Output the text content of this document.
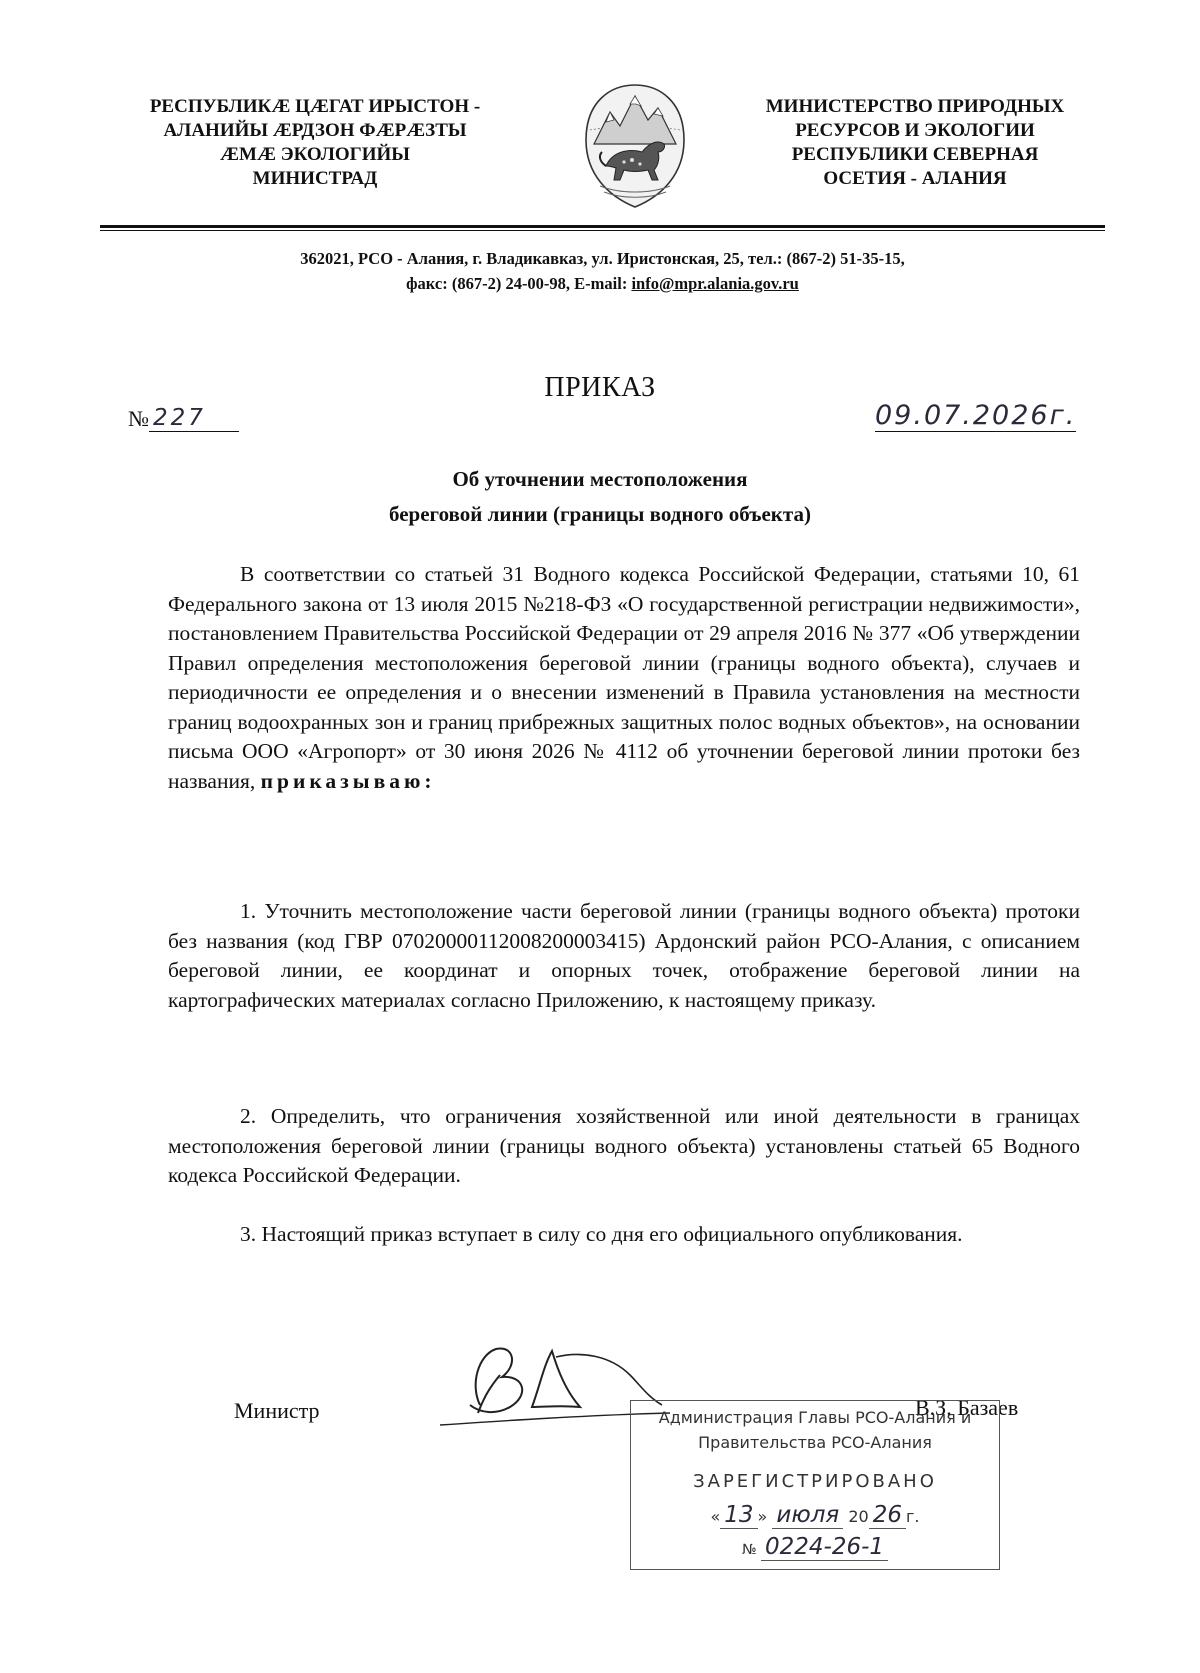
РЕСПУБЛИКÆ ЦÆГАТ ИРЫСТОН -
АЛАНИЙЫ ÆРДЗОН ФÆРÆЗТЫ
ÆМÆ ЭКОЛОГИЙЫ
МИНИСТРАД
МИНИСТЕРСТВО ПРИРОДНЫХ
РЕСУРСОВ И ЭКОЛОГИИ
РЕСПУБЛИКИ СЕВЕРНАЯ
ОСЕТИЯ - АЛАНИЯ
362021, РСО - Алания, г. Владикавказ, ул. Иристонская, 25, тел.: (867-2) 51-35-15,
факс: (867-2) 24-00-98, E-mail: info@mpr.alania.gov.ru
ПРИКАЗ
№ 227	09.07.2026г.
Об уточнении местоположения
береговой линии (границы водного объекта)

В соответствии со статьей 31 Водного кодекса Российской Федерации, статьями 10, 61 Федерального закона от 13 июля 2015 №218-ФЗ «О государственной регистрации недвижимости», постановлением Правительства Российской Федерации от 29 апреля 2016 № 377 «Об утверждении Правил определения местоположения береговой линии (границы водного объекта), случаев и периодичности ее определения и о внесении изменений в Правила установления на местности границ водоохранных зон и границ прибрежных защитных полос водных объектов», на основании письма ООО «Агропорт» от 30 июня 2026 № 4112 об уточнении береговой линии протоки без названия, приказываю:

1. Уточнить местоположение части береговой линии (границы водного объекта) протоки без названия (код ГВР 07020000112008200003415) Ардонский район РСО-Алания, с описанием береговой линии, ее координат и опорных точек, отображение береговой линии на картографических материалах согласно Приложению, к настоящему приказу.

2. Определить, что ограничения хозяйственной или иной деятельности в границах местоположения береговой линии (границы водного объекта) установлены статьей 65 Водного кодекса Российской Федерации.

3. Настоящий приказ вступает в силу со дня его официального опубликования.

Министр	В.З. Базаев
Администрация Главы РСО-Алания и
Правительства РСО-Алания
ЗАРЕГИСТРИРОВАНО
« 13 » июля 20 26 г.
№ 0224-26-1
